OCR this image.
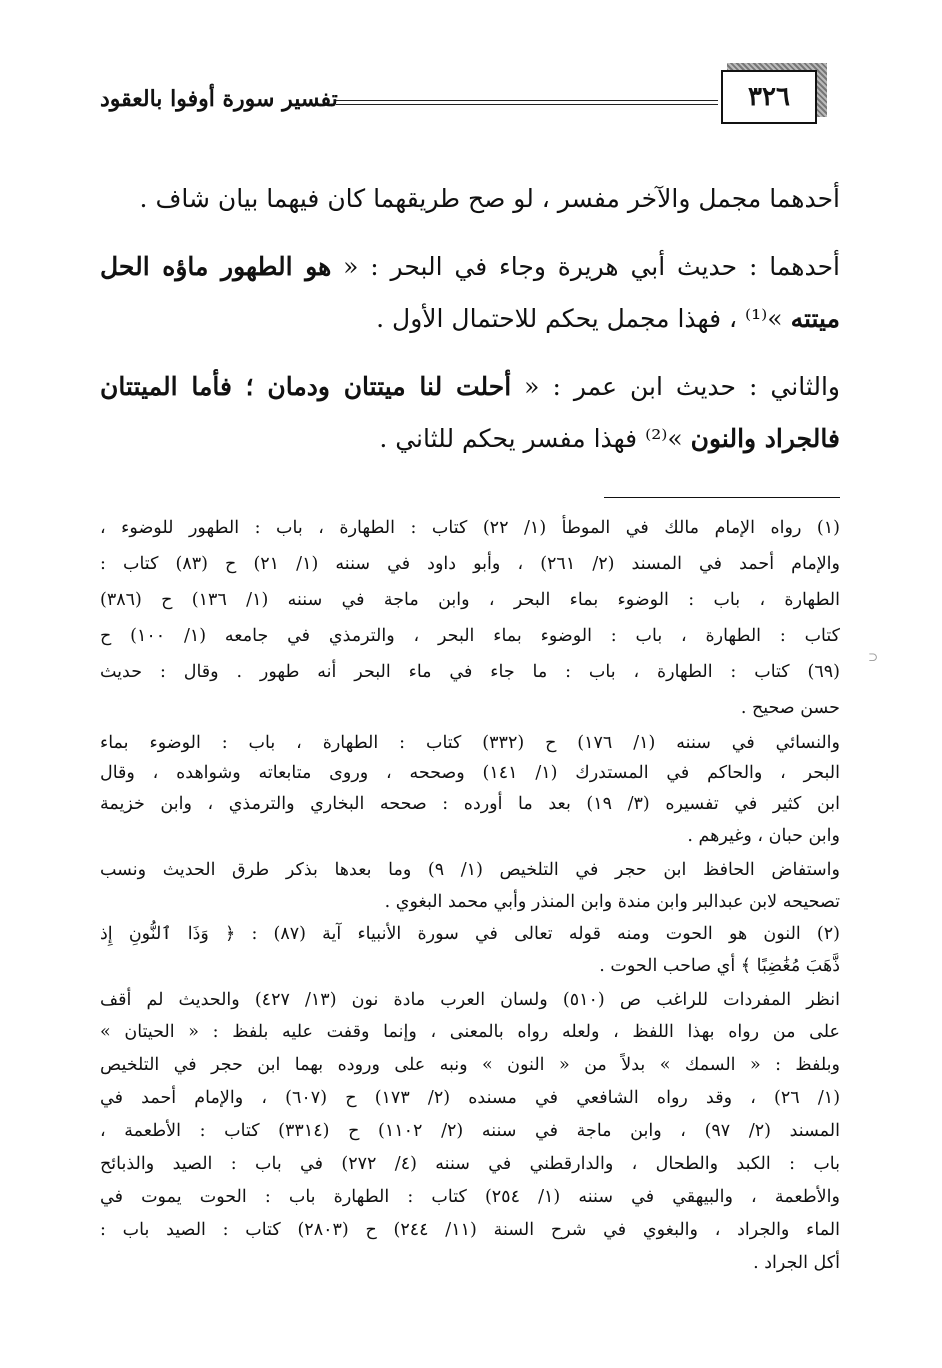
تفسير سورة أوفوا بالعقود	٣٢٦
أحدهما مجمل والآخر مفسر ، لو صح طريقهما كان فيهما بيان شاف .
أحدهما : حديث أبي هريرة وجاء في البحر : « هو الطهور ماؤه الحل
ميتته »⁽¹⁾ ، فهذا مجمل يحكم للاحتمال الأول .
والثاني : حديث ابن عمر : « أحلت لنا ميتتان ودمان ؛ فأما الميتتان
فالجراد والنون »⁽²⁾ فهذا مفسر يحكم للثاني .
(١) رواه الإمام مالك في الموطأ (١/ ٢٢) كتاب : الطهارة ، باب : الطهور للوضوء ،
والإمام أحمد في المسند (٢/ ٢٦١) ، وأبو داود في سننه (١/ ٢١) ح (٨٣) كتاب :
الطهارة ، باب : الوضوء بماء البحر ، وابن ماجة في سننه (١/ ١٣٦) ح (٣٨٦)
كتاب : الطهارة ، باب : الوضوء بماء البحر ، والترمذي في جامعه (١/ ١٠٠) ح
(٦٩) كتاب : الطهارة ، باب : ما جاء في ماء البحر أنه طهور . وقال : حديث
حسن صحيح .
والنسائي في سننه (١/ ١٧٦) ح (٣٣٢) كتاب : الطهارة ، باب : الوضوء بماء
البحر ، والحاكم في المستدرك (١/ ١٤١) وصححه ، وروى متابعاته وشواهده ، وقال
ابن كثير في تفسيره (٣/ ١٩) بعد ما أورده : صححه البخاري والترمذي ، وابن خزيمة
وابن حبان ، وغيرهم .
واستفاض الحافظ ابن حجر في التلخيص (١/ ٩) وما بعدها بذكر طرق الحديث ونسب
تصحيحه لابن عبدالبر وابن مندة وابن المنذر وأبي محمد البغوي .
(٢) النون هو الحوت ومنه قوله تعالى في سورة الأنبياء آية (٨٧) : ﴿ وَذَا ٱلنُّونِ إِذ
ذَّهَبَ مُغَٰضِبًا ﴾ أي صاحب الحوت .
انظر المفردات للراغب ص (٥١٠) ولسان العرب مادة نون (١٣/ ٤٢٧) والحديث لم أقف
على من رواه بهذا اللفظ ، ولعله رواه بالمعنى ، وإنما وقفت عليه بلفظ : « الحيتان »
وبلفظ : « السمك » بدلاً من « النون » ونبه على وروده بهما ابن حجر في التلخيص
(١/ ٢٦) ، وقد رواه الشافعي في مسنده (٢/ ١٧٣) ح (٦٠٧) ، والإمام أحمد في
المسند (٢/ ٩٧) ، وابن ماجة في سننه (٢/ ١١٠٢) ح (٣٣١٤) كتاب : الأطعمة ،
باب : الكبد والطحال ، والدارقطني في سننه (٤/ ٢٧٢) في باب : الصيد والذبائح
والأطعمة ، والبيهقي في سننه (١/ ٢٥٤) كتاب : الطهارة باب : الحوت يموت في
الماء والجراد ، والبغوي في شرح السنة (١١/ ٢٤٤) ح (٢٨٠٣) كتاب : الصيد باب :
أكل الجراد .
⊃
